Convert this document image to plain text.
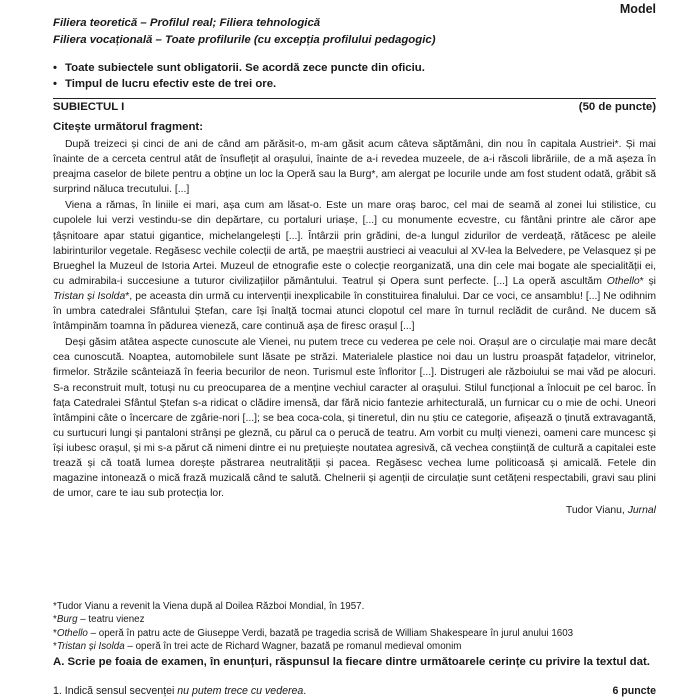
Model
Filiera teoretică – Profilul real; Filiera tehnologică
Filiera vocațională – Toate profilurile (cu excepția profilului pedagogic)
• Toate subiectele sunt obligatorii. Se acordă zece puncte din oficiu.
• Timpul de lucru efectiv este de trei ore.
SUBIECTUL I	(50 de puncte)
Citește următorul fragment:

După treizeci și cinci de ani de când am părăsit-o, m-am găsit acum câteva săptămâni, din nou în capitala Austriei*. Și mai înainte de a cerceta centrul atât de însuflețit al orașului, înainte de a-i revedea muzeele, de a-i răscoli librăriile, de a mă așeza în preajma caselor de bilete pentru a obține un loc la Operă sau la Burg*, am alergat pe locurile unde am fost student odată, grăbit să surprind năluca trecutului. [...]

Viena a rămas, în liniile ei mari, așa cum am lăsat-o. Este un mare oraș baroc, cel mai de seamă al zonei lui stilistice, cu cupolele lui verzi vestindu-se din depărtare, cu portaluri uriașe, [...] cu monumente ecvestre, cu fântâni printre ale căror ape țâșnitoare apar statui gigantice, michelangelești [...]. Întârzii prin grădini, de-a lungul zidurilor de verdeață, rătăcesc pe aleile labirinturilor vegetale. Regăsesc vechile colecții de artă, pe maeștrii austrieci ai veacului al XV-lea la Belvedere, pe Velasquez și pe Brueghel la Muzeul de Istoria Artei. Muzeul de etnografie este o colecție reorganizată, una din cele mai bogate ale specialității ei, cu admirabila-i succesiune a tuturor civilizațiilor pământului. Teatrul și Opera sunt perfecte. [...] La operă ascultăm Othello* și Tristan și Isolda*, pe aceasta din urmă cu intervenții inexplicabile în constituirea finalului. Dar ce voci, ce ansamblu! [...] Ne odihnim în umbra catedralei Sfântului Ștefan, care își înalță tocmai atunci clopotul cel mare în turnul reclădit de curând. Ne ducem să întâmpinăm toamna în pădurea vieneză, care continuă așa de firesc orașul [...]

Deși găsim atâtea aspecte cunoscute ale Vienei, nu putem trece cu vederea pe cele noi. Orașul are o circulație mai mare decât cea cunoscută. Noaptea, automobilele sunt lăsate pe străzi. Materialele plastice noi dau un lustru proaspăt fațadelor, vitrinelor, firmelor. Străzile scânteiază în feeria becurilor de neon. Turismul este înfloritor [...]. Distrugeri ale războiului se mai văd pe alocuri. S-a reconstruit mult, totuși nu cu preocuparea de a menține vechiul caracter al orașului. Stilul funcțional a înlocuit pe cel baroc. În fața Catedralei Sfântul Ștefan s-a ridicat o clădire imensă, dar fără nicio fantezie arhitecturală, un furnicar cu o mie de ochi. Uneori întâmpini câte o încercare de zgârie-nori [...]; se bea coca-cola, și tineretul, din nu știu ce categorie, afișează o ținută extravagantă, cu surtucuri lungi și pantaloni strânși pe gleznă, cu părul ca o perucă de teatru. Am vorbit cu mulți vienezi, oameni care muncesc și își iubesc orașul, și mi s-a părut că nimeni dintre ei nu prețuiește noutatea agresivă, că vechea conștiință de cultură a capitalei este trează și că toată lumea dorește păstrarea neutralității și pacea. Regăsesc vechea lume politicoasă și amicală. Fetele din magazine intonează o mică frază muzicală când te salută. Chelnerii și agenții de circulație sunt cetățeni respectabili, gravi sau plini de umor, care te iau sub protecția lor.

Tudor Vianu, Jurnal
*Tudor Vianu a revenit la Viena după al Doilea Război Mondial, în 1957.
*Burg – teatru vienez
*Othello – operă în patru acte de Giuseppe Verdi, bazată pe tragedia scrisă de William Shakespeare în jurul anului 1603
*Tristan și Isolda – operă în trei acte de Richard Wagner, bazată pe romanul medieval omonim
A. Scrie pe foaia de examen, în enunțuri, răspunsul la fiecare dintre următoarele cerințe cu privire la textul dat.
1. Indică sensul secvenței nu putem trece cu vederea.	6 puncte
